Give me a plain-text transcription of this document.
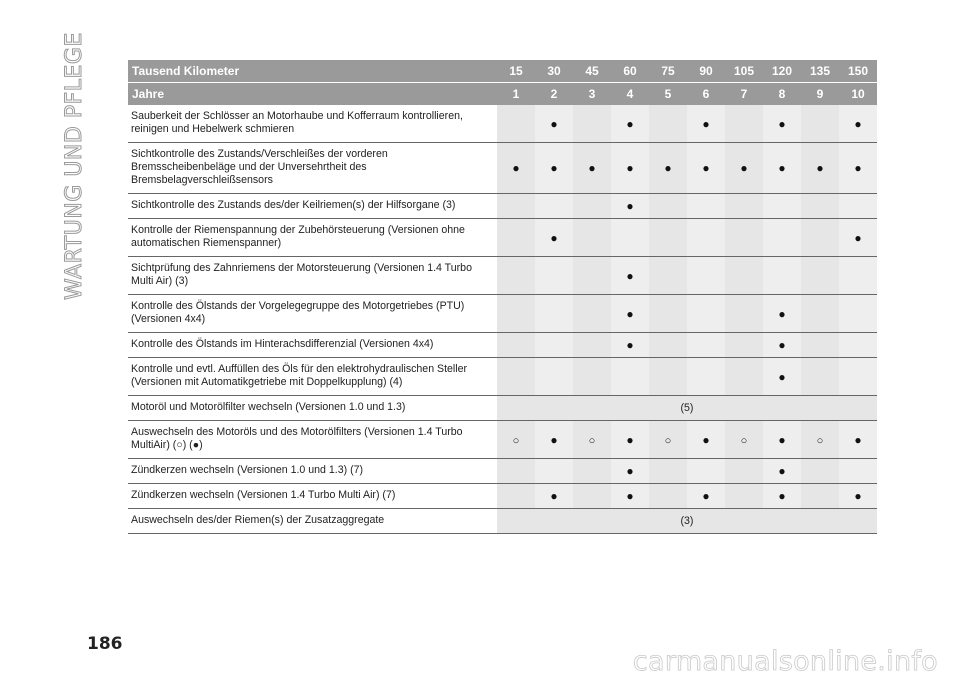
WARTUNG UND PFLEGE	Tausend Kilometer	15	30	45	60	75	90	105	120	135	150

Jahre	1	2	3	4	5	6	7	8	9	10
Sauberkeit der Schlösser an Motorhaube und Kofferraum kontrollieren, reinigen und Hebelwerk schmieren		●		●		●		●		●
Sichtkontrolle des Zustands/Verschleißes der vorderen Bremsscheibenbeläge und der Unversehrtheit des Bremsbelagverschleißsensors	●	●	●	●	●	●	●	●	●	●
Sichtkontrolle des Zustands des/der Keilriemen(s) der Hilfsorgane (3)				●						
Kontrolle der Riemenspannung der Zubehörsteuerung (Versionen ohne automatischen Riemenspanner)		●								●
Sichtprüfung des Zahnriemens der Motorsteuerung (Versionen 1.4 Turbo Multi Air) (3)				●						
Kontrolle des Ölstands der Vorgelegegruppe des Motorgetriebes (PTU) (Versionen 4x4)				●				●		
Kontrolle des Ölstands im Hinterachsdifferenzial (Versionen 4x4)				●				●		
Kontrolle und evtl. Auffüllen des Öls für den elektrohydraulischen Steller (Versionen mit Automatikgetriebe mit Doppelkupplung) (4)								●		
Motoröl und Motorölfilter wechseln (Versionen 1.0 und 1.3)	(5)									
Auswechseln des Motoröls und des Motorölfilters (Versionen 1.4 Turbo MultiAir) (○) (●)	○	●	○	●	○	●	○	●	○	●
Zündkerzen wechseln (Versionen 1.0 und 1.3) (7)				●				●		
Zündkerzen wechseln (Versionen 1.4 Turbo Multi Air) (7)		●		●		●		●		●
Auswechseln des/der Riemen(s) der Zusatzaggregate	(3)									
186
carmanualsonline.info
